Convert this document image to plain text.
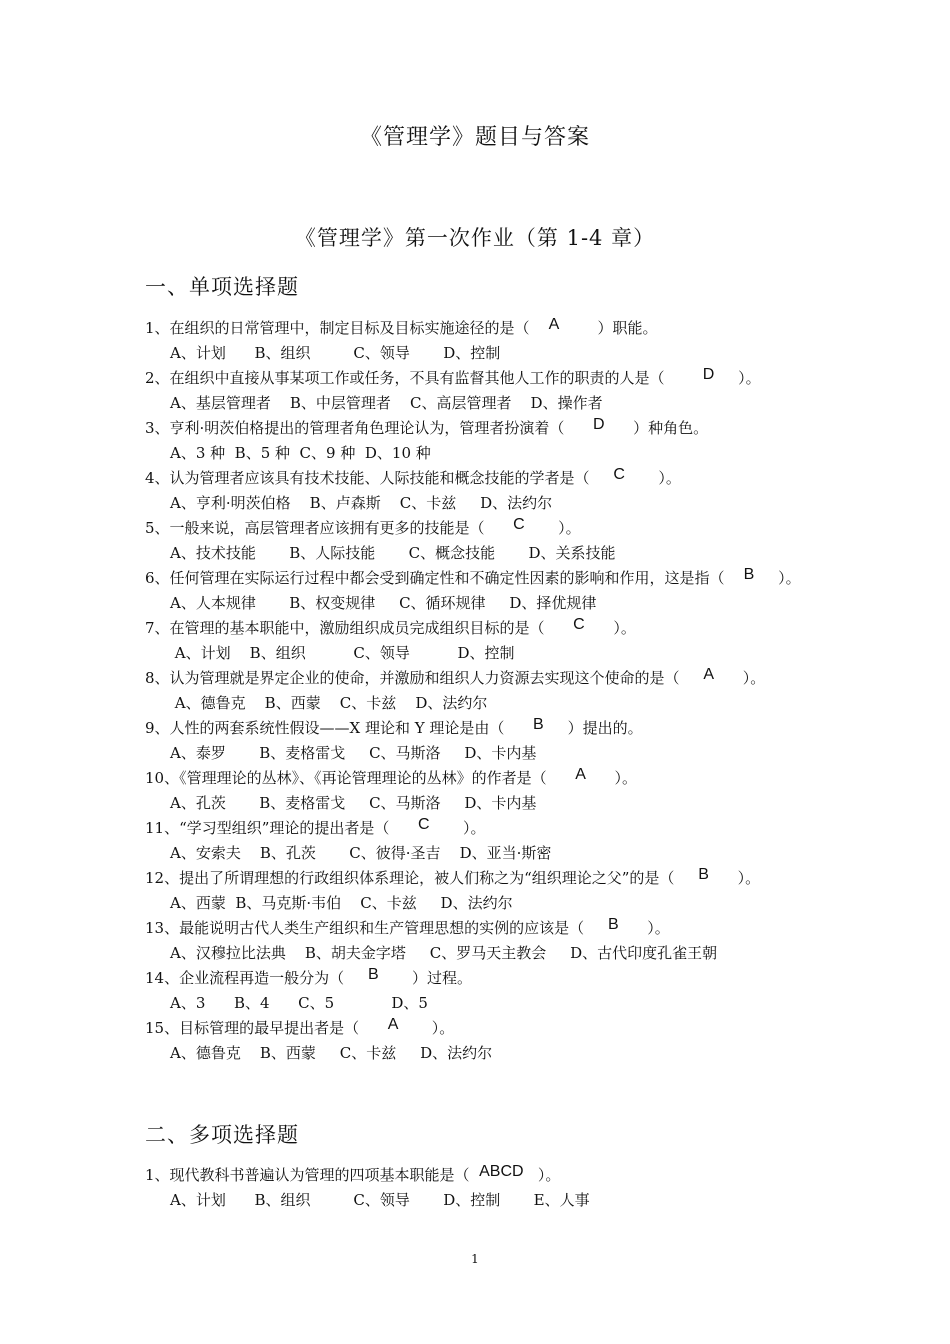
《管理学》题目与答案
《管理学》第一次作业（第 1-4 章）
一、单项选择题
1、在组织的日常管理中，制定目标及目标实施途径的是（ A	）职能。
A、计划      B、组织         C、领导       D、控制
2、在组织中直接从事某项工作或任务，不具有监督其他人工作的职责的人是（ D ）。
A、基层管理者    B、中层管理者    C、高层管理者    D、操作者
3、亨利·明茨伯格提出的管理者角色理论认为，管理者扮演着（ D ）种角色。
A、3 种  B、5 种  C、9 种  D、10 种
4、认为管理者应该具有技术技能、人际技能和概念技能的学者是（ C ）。
A、亨利·明茨伯格    B、卢森斯    C、卡兹     D、法约尔
5、一般来说，高层管理者应该拥有更多的技能是（ C ）。
A、技术技能       B、人际技能       C、概念技能       D、关系技能
6、任何管理在实际运行过程中都会受到确定性和不确定性因素的影响和作用，这是指（ B ）。
A、人本规律       B、权变规律     C、循环规律     D、择优规律
7、在管理的基本职能中，激励组织成员完成组织目标的是（ C ）。
A、计划    B、组织          C、领导          D、控制
8、认为管理就是界定企业的使命，并激励和组织人力资源去实现这个使命的是（ A ）。
A、德鲁克    B、西蒙    C、卡兹    D、法约尔
9、人性的两套系统性假设——X 理论和 Y 理论是由（ B ）提出的。
A、泰罗       B、麦格雷戈     C、马斯洛     D、卡内基
10、《管理理论的丛林》、《再论管理理论的丛林》的作者是（ A ）。
A、孔茨       B、麦格雷戈     C、马斯洛     D、卡内基
11、“学习型组织”理论的提出者是（ C ）。
A、安索夫    B、孔茨       C、彼得·圣吉    D、亚当·斯密
12、提出了所谓理想的行政组织体系理论，被人们称之为“组织理论之父”的是（ B ）。
A、西蒙  B、马克斯·韦伯    C、卡兹     D、法约尔
13、最能说明古代人类生产组织和生产管理思想的实例的应该是（ B ）。
A、汉穆拉比法典    B、胡夫金字塔     C、罗马天主教会     D、古代印度孔雀王朝
14、企业流程再造一般分为（ B ）过程。
A、3      B、4      C、5            D、5
15、目标管理的最早提出者是（ A ）。
A、德鲁克    B、西蒙     C、卡兹     D、法约尔
二、多项选择题
1、现代教科书普遍认为管理的四项基本职能是（ ABCD ）。
A、计划      B、组织         C、领导       D、控制       E、人事
1
